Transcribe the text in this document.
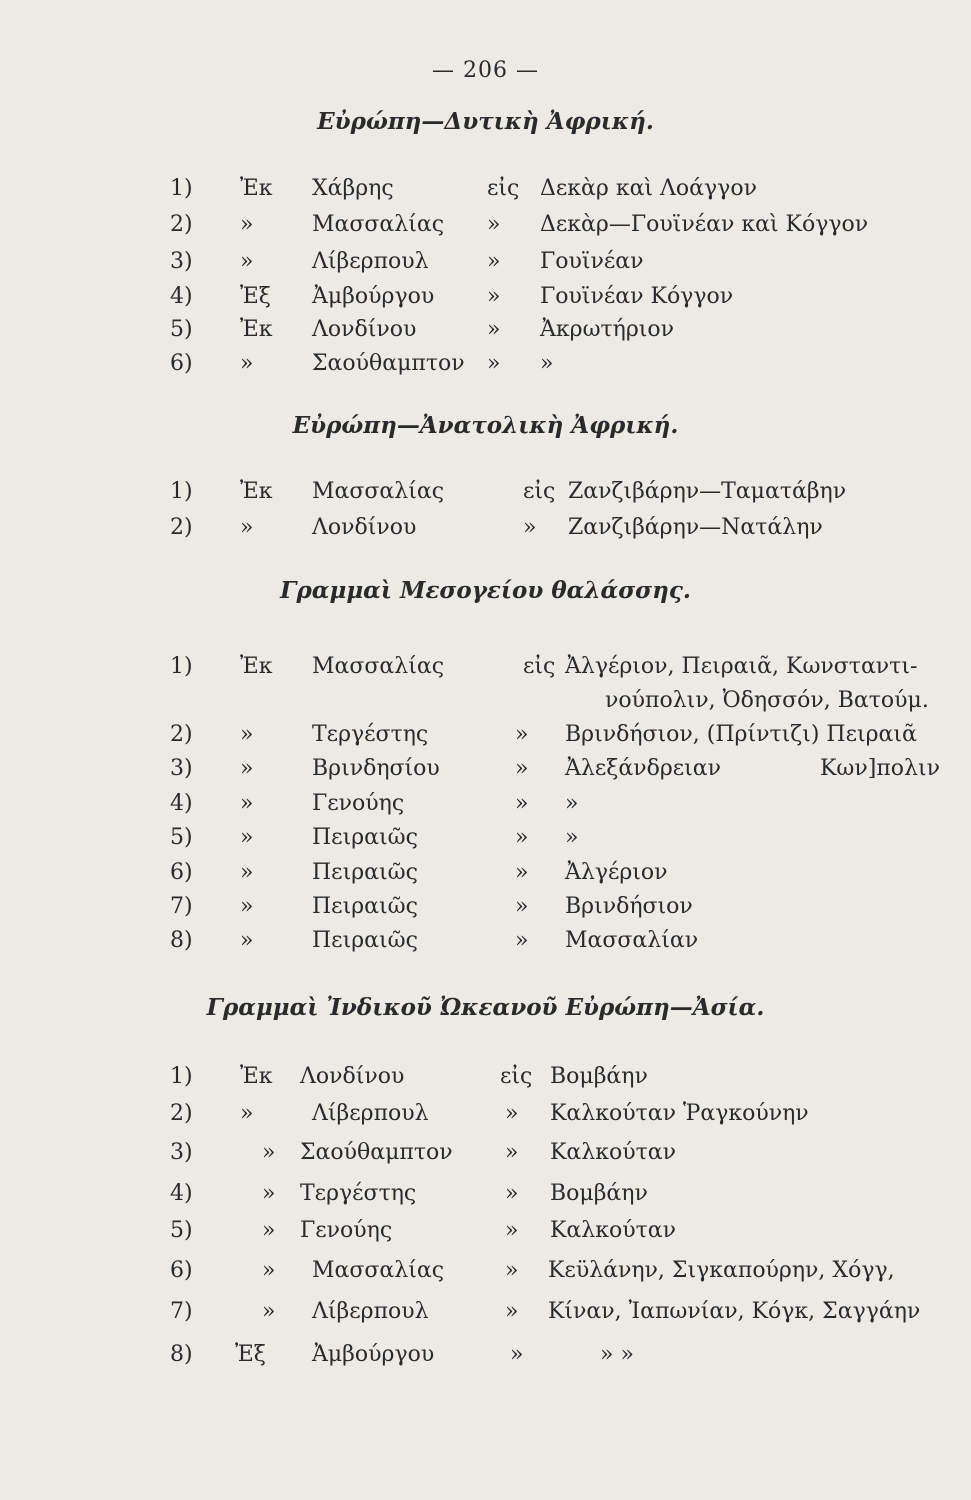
— 206 —
Εὐρώπη—Δυτικὴ Ἀφρική.
1) Ἐκ Χάβρης	εἰς Δεκὰρ καὶ Λοάγγον
2) »	Μασσαλίας » Δεκὰρ—Γουϊνέαν καὶ Κόγγον
3) »	Λίβερπουλ	» Γουϊνέαν
4) Ἐξ Ἀμβούργου » Γουϊνέαν Κόγγον
5) Ἐκ Λονδίνου	» Ἀκρωτήριον
6) »	Σαούθαμπτον » »
Εὐρώπη—Ἀνατολικὴ Ἀφρική.
1) Ἐκ Μασσαλίας	εἰς Ζανζιβάρην—Ταματάβην
2) »	Λονδίνου	» Ζανζιβάρην—Νατάλην
Γραμμαὶ Μεσογείου θαλάσσης.
1) Ἐκ Μασσαλίας	εἰς Ἀλγέριον, Πειραιᾶ, Κωνσταντι-
νούπολιν, Ὀδησσόν, Βατούμ.
2) »	Τεργέστης	» Βρινδήσιον, (Πρίντιζι) Πειραιᾶ
3) »	Βρινδησίου	» Ἀλεξάνδρειαν	Κων]πολιν
4) »	Γενούης	» »
5) »	Πειραιῶς	» »
6) »	Πειραιῶς	» Ἀλγέριον
7) »	Πειραιῶς	» Βρινδήσιον
8) »	Πειραιῶς	» Μασσαλίαν
Γραμμαὶ Ἰνδικοῦ Ὠκεανοῦ Εὐρώπη—Ἀσία.
1) Ἐκ Λονδίνου	εἰς Βομβάην
2) »	Λίβερπουλ	» Καλκούταν Ῥαγκούνην
3)	» Σαούθαμπτον » Καλκούταν
4)	» Τεργέστης	» Βομβάην
5)	» Γενούης	» Καλκούταν
6)	» Μασσαλίας	» Κεϋλάνην, Σιγκαπούρην, Χόγγ,
7)	» Λίβερπουλ	» Κίναν, Ἰαπωνίαν, Κόγκ, Σαγγάην
8) Ἐξ Ἀμβούργου	»	» »
